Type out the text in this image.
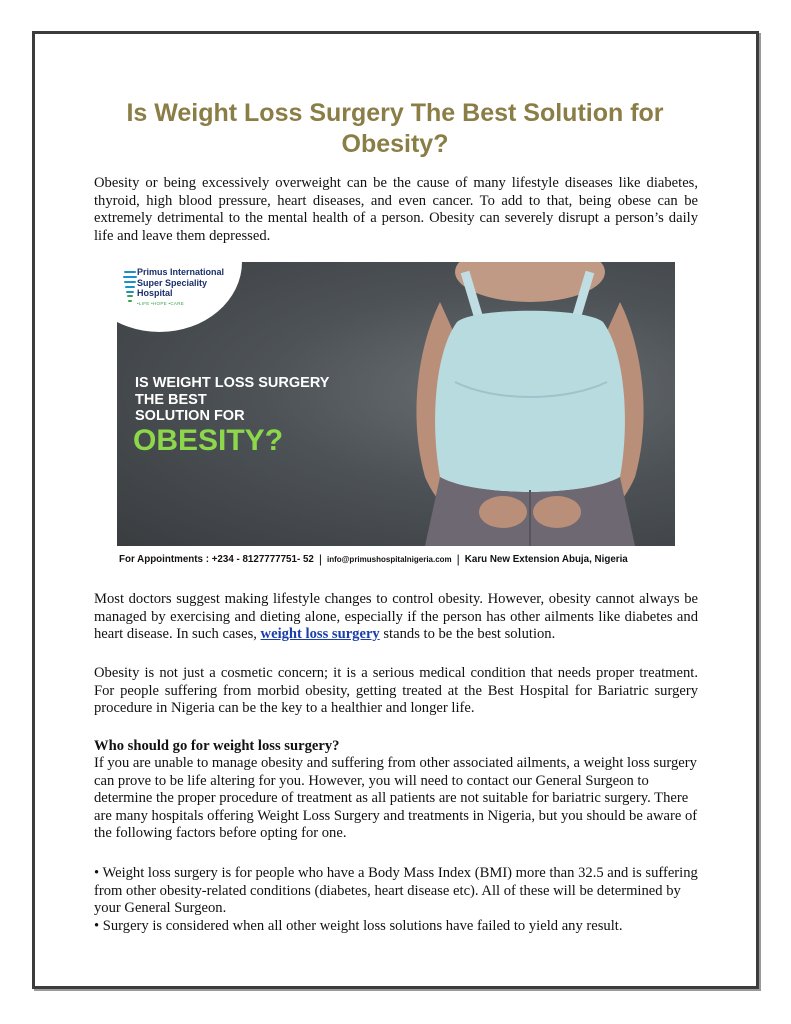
Is Weight Loss Surgery The Best Solution for Obesity?

Obesity or being excessively overweight can be the cause of many lifestyle diseases like diabetes, thyroid, high blood pressure, heart diseases, and even cancer. To add to that, being obese can be extremely detrimental to the mental health of a person. Obesity can severely disrupt a person’s daily life and leave them depressed.

Primus International
Super Speciality
Hospital
•LIFE •HOPE •CARE
IS WEIGHT LOSS SURGERY
THE BEST
SOLUTION FOR
OBESITY?
For Appointments : +234 - 8127777751- 52 | info@primushospitalnigeria.com | Karu New Extension Abuja, Nigeria

Most doctors suggest making lifestyle changes to control obesity. However, obesity cannot always be managed by exercising and dieting alone, especially if the person has other ailments like diabetes and heart disease. In such cases, weight loss surgery stands to be the best solution.

Obesity is not just a cosmetic concern; it is a serious medical condition that needs proper treatment. For people suffering from morbid obesity, getting treated at the Best Hospital for Bariatric surgery procedure in Nigeria can be the key to a healthier and longer life.

Who should go for weight loss surgery?

If you are unable to manage obesity and suffering from other associated ailments, a weight loss surgery can prove to be life altering for you. However, you will need to contact our General Surgeon to determine the proper procedure of treatment as all patients are not suitable for bariatric surgery. There are many hospitals offering Weight Loss Surgery and treatments in Nigeria, but you should be aware of the following factors before opting for one.

• Weight loss surgery is for people who have a Body Mass Index (BMI) more than 32.5 and is suffering from other obesity-related conditions (diabetes, heart disease etc). All of these will be determined by your General Surgeon.
• Surgery is considered when all other weight loss solutions have failed to yield any result.
